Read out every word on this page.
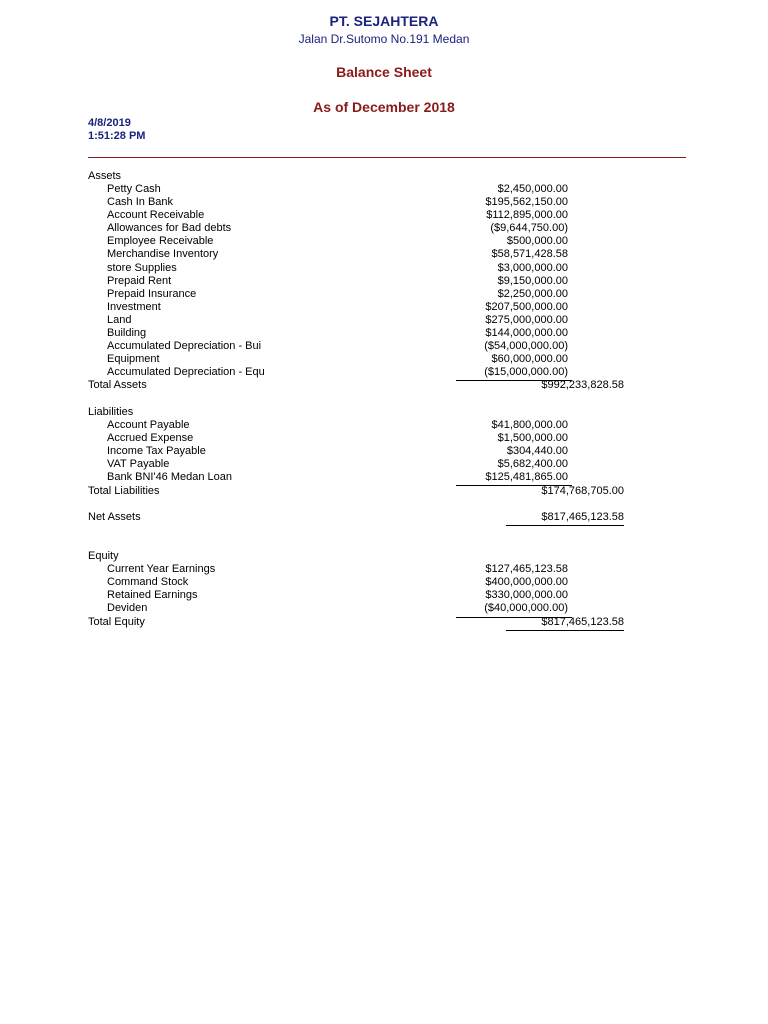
PT. SEJAHTERA
Jalan Dr.Sutomo No.191 Medan
Balance Sheet
As of December 2018
4/8/2019
1:51:28 PM
Assets
Petty Cash	$2,450,000.00
Cash In Bank	$195,562,150.00
Account Receivable	$112,895,000.00
Allowances for Bad debts	($9,644,750.00)
Employee Receivable	$500,000.00
Merchandise Inventory	$58,571,428.58
store Supplies	$3,000,000.00
Prepaid Rent	$9,150,000.00
Prepaid Insurance	$2,250,000.00
Investment	$207,500,000.00
Land	$275,000,000.00
Building	$144,000,000.00
Accumulated Depreciation - Bui	($54,000,000.00)
Equipment	$60,000,000.00
Accumulated Depreciation - Equ	($15,000,000.00)
Total Assets	$992,233,828.58
Liabilities
Account Payable	$41,800,000.00
Accrued Expense	$1,500,000.00
Income Tax Payable	$304,440.00
VAT Payable	$5,682,400.00
Bank BNI'46 Medan Loan	$125,481,865.00
Total Liabilities	$174,768,705.00
Net Assets	$817,465,123.58
Equity
Current Year Earnings	$127,465,123.58
Command Stock	$400,000,000.00
Retained Earnings	$330,000,000.00
Deviden	($40,000,000.00)
Total Equity	$817,465,123.58
